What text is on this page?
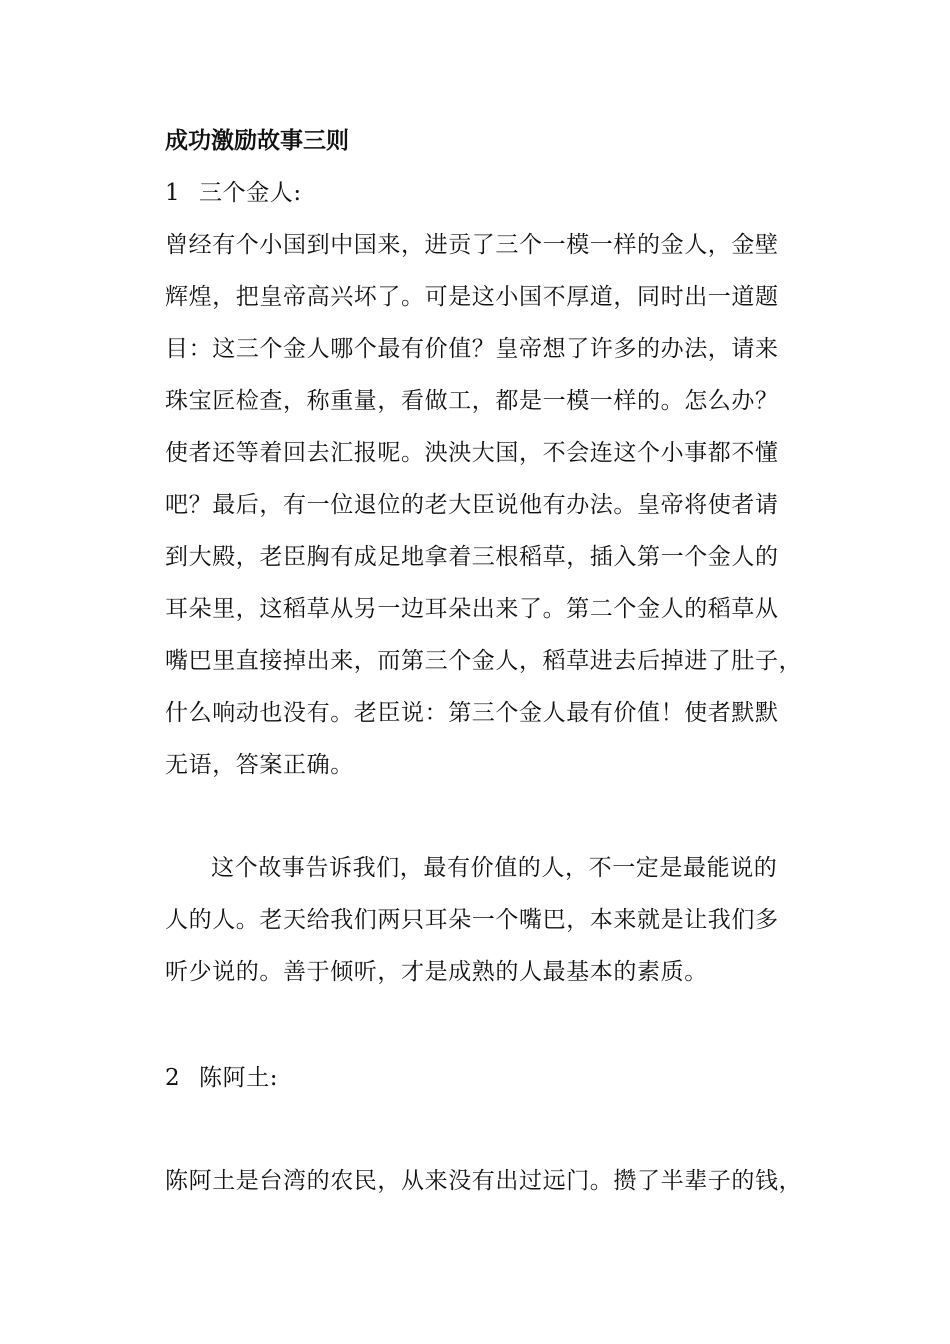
成功激励故事三则
1 三个金人:
曾经有个小国到中国来，进贡了三个一模一样的金人，金壁
辉煌，把皇帝高兴坏了。可是这小国不厚道，同时出一道题
目：这三个金人哪个最有价值？皇帝想了许多的办法，请来
珠宝匠检查，称重量，看做工，都是一模一样的。怎么办？
使者还等着回去汇报呢。泱泱大国，不会连这个小事都不懂
吧？最后，有一位退位的老大臣说他有办法。皇帝将使者请
到大殿，老臣胸有成足地拿着三根稻草，插入第一个金人的
耳朵里，这稻草从另一边耳朵出来了。第二个金人的稻草从
嘴巴里直接掉出来，而第三个金人，稻草进去后掉进了肚子，
什么响动也没有。老臣说：第三个金人最有价值！使者默默
无语，答案正确。
这个故事告诉我们，最有价值的人，不一定是最能说的
人的人。老天给我们两只耳朵一个嘴巴，本来就是让我们多
听少说的。善于倾听，才是成熟的人最基本的素质。
2 陈阿土:
陈阿土是台湾的农民，从来没有出过远门。攒了半辈子的钱，
